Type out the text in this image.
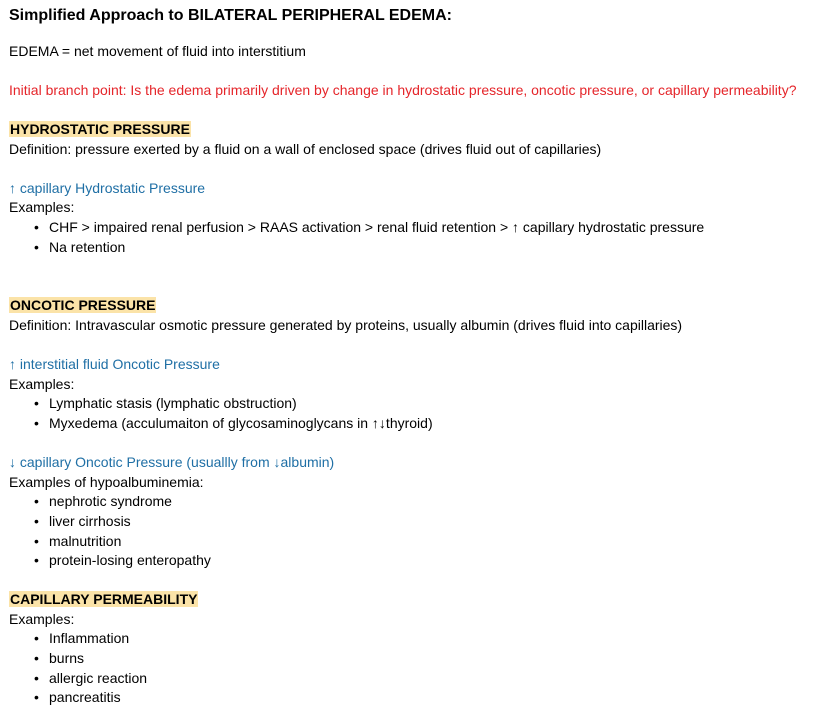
Simplified Approach to BILATERAL PERIPHERAL EDEMA:
EDEMA = net movement of fluid into interstitium
Initial branch point: Is the edema primarily driven by change in hydrostatic pressure, oncotic pressure, or capillary permeability?
HYDROSTATIC PRESSURE
Definition: pressure exerted by a fluid on a wall of enclosed space (drives fluid out of capillaries)
↑ capillary Hydrostatic Pressure
Examples:
• CHF > impaired renal perfusion > RAAS activation > renal fluid retention > ↑ capillary hydrostatic pressure
• Na retention
ONCOTIC PRESSURE
Definition: Intravascular osmotic pressure generated by proteins, usually albumin (drives fluid into capillaries)
↑ interstitial fluid Oncotic Pressure
Examples:
• Lymphatic stasis (lymphatic obstruction)
• Myxedema (acculumaiton of glycosaminoglycans in ↑↓thyroid)
↓ capillary Oncotic Pressure (usuallly from ↓albumin)
Examples of hypoalbuminemia:
• nephrotic syndrome
• liver cirrhosis
• malnutrition
• protein-losing enteropathy
CAPILLARY PERMEABILITY
Examples:
• Inflammation
• burns
• allergic reaction
• pancreatitis
